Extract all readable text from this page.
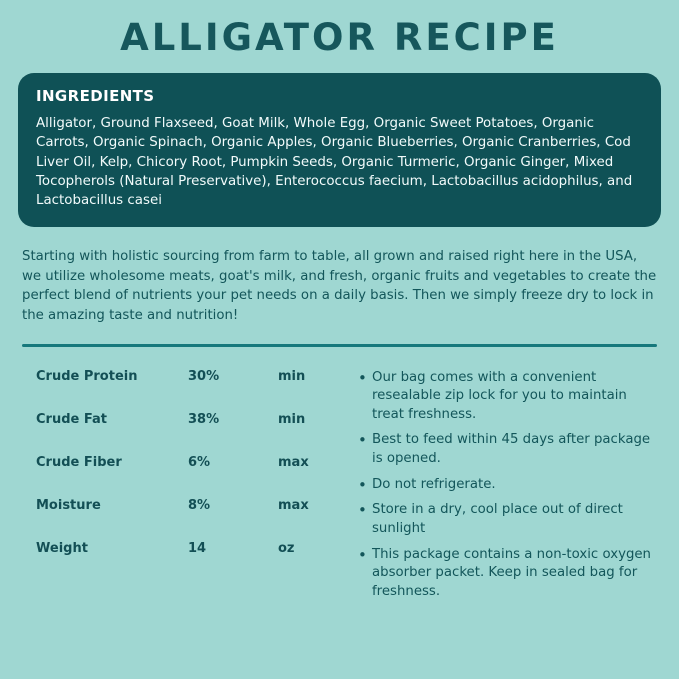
ALLIGATOR RECIPE
INGREDIENTS
Alligator, Ground Flaxseed, Goat Milk, Whole Egg, Organic Sweet Potatoes, Organic Carrots, Organic Spinach, Organic Apples, Organic Blueberries, Organic Cranberries, Cod Liver Oil, Kelp, Chicory Root, Pumpkin Seeds, Organic Turmeric, Organic Ginger, Mixed Tocopherols (Natural Preservative), Enterococcus faecium, Lactobacillus acidophilus, and Lactobacillus casei
Starting with holistic sourcing from farm to table, all grown and raised right here in the USA, we utilize wholesome meats, goat's milk, and fresh, organic fruits and vegetables to create the perfect blend of nutrients your pet needs on a daily basis. Then we simply freeze dry to lock in the amazing taste and nutrition!
Crude Protein	30%	min
Crude Fat	38%	min
Crude Fiber	6%	max
Moisture	8%	max
Weight	14	oz
• Our bag comes with a convenient resealable zip lock for you to maintain treat freshness.
• Best to feed within 45 days after package is opened.
• Do not refrigerate.
• Store in a dry, cool place out of direct sunlight
• This package contains a non-toxic oxygen absorber packet. Keep in sealed bag for freshness.
